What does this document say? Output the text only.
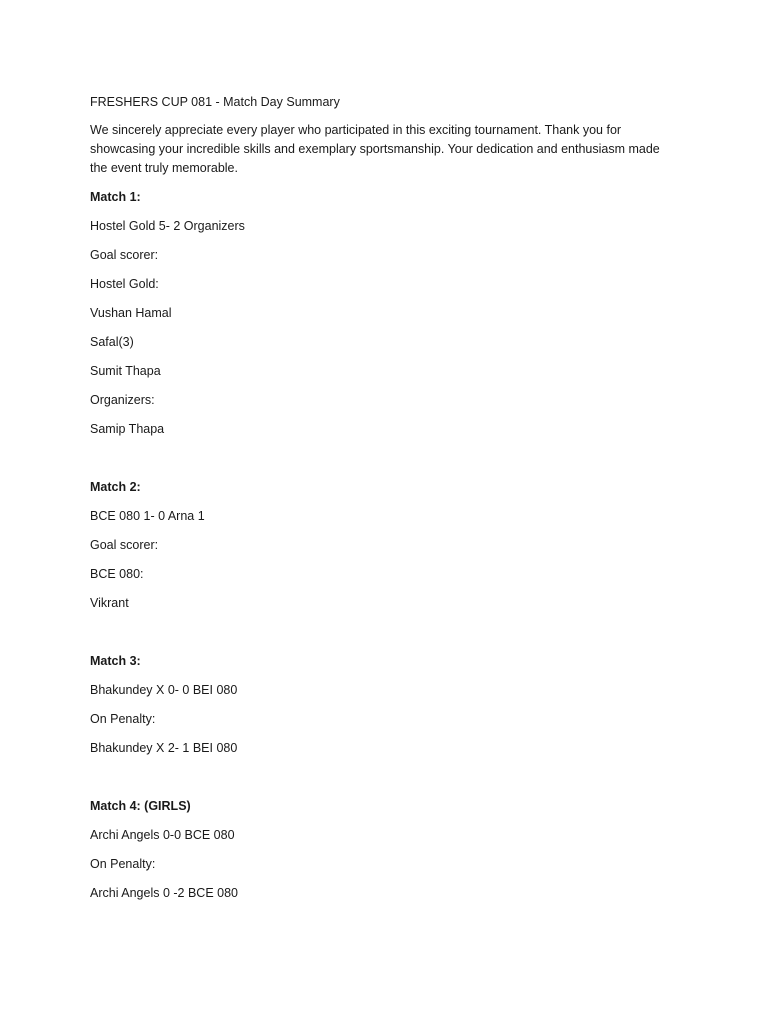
FRESHERS CUP 081 - Match Day Summary

We sincerely appreciate every player who participated in this exciting tournament. Thank you for showcasing your incredible skills and exemplary sportsmanship. Your dedication and enthusiasm made the event truly memorable.

Match 1:

Hostel Gold 5- 2 Organizers

Goal scorer:

Hostel Gold:

Vushan Hamal

Safal(3)

Sumit Thapa

Organizers:

Samip Thapa

Match 2:

BCE 080 1- 0 Arna 1

Goal scorer:

BCE 080:

Vikrant

Match 3:

Bhakundey X 0- 0 BEI 080

On Penalty:

Bhakundey X 2- 1 BEI 080

Match 4: (GIRLS)

Archi Angels 0-0 BCE 080

On Penalty:

Archi Angels 0 -2 BCE 080
